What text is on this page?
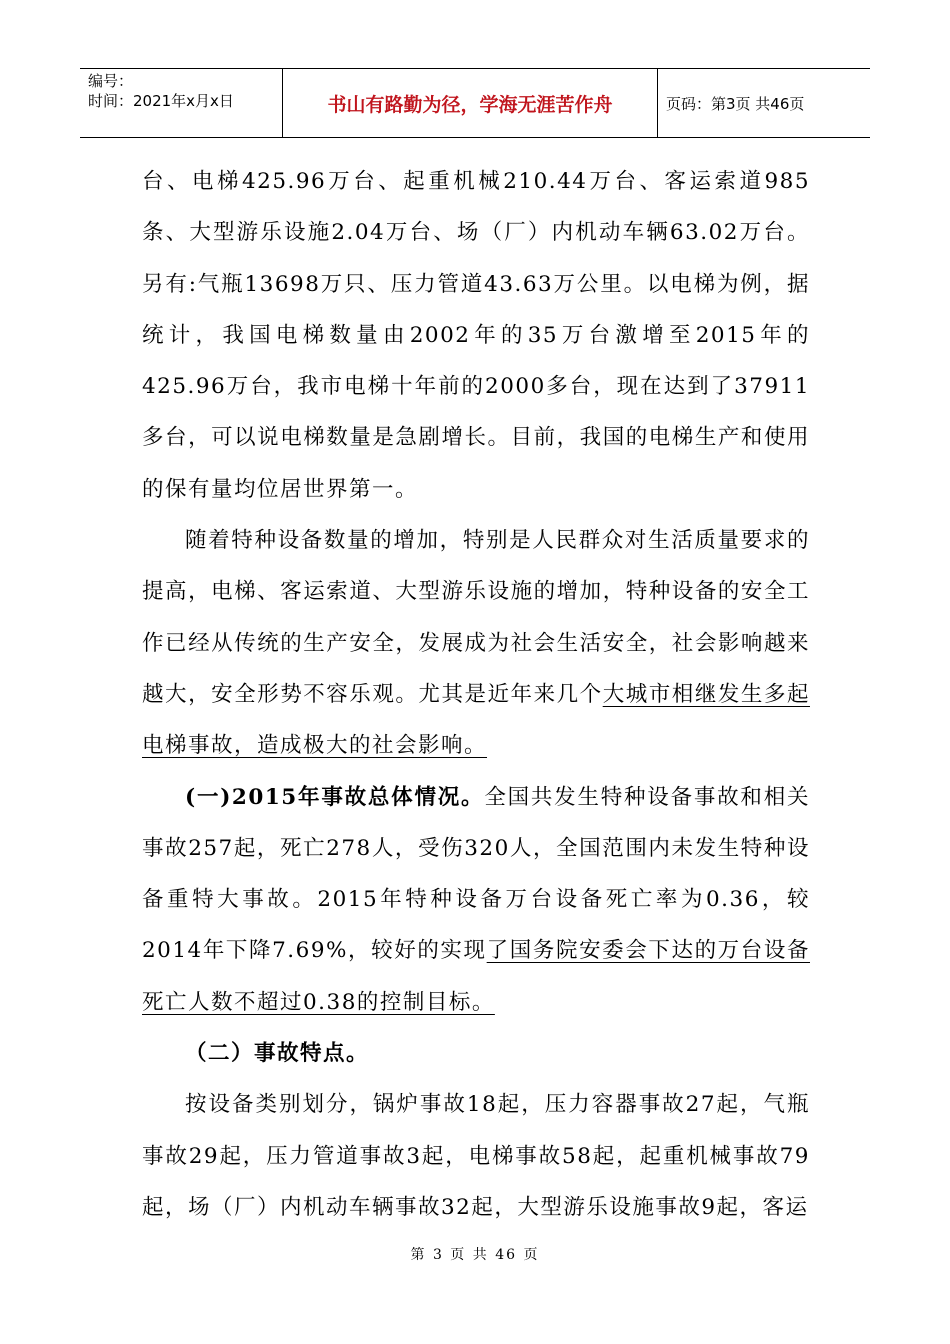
编号：
时间：2021年x月x日	书山有路勤为径，学海无涯苦作舟	页码：第3页 共46页

台、电梯425.96万台、起重机械210.44万台、客运索道985条、大型游乐设施2.04万台、场（厂）内机动车辆63.02万台。另有:气瓶13698万只、压力管道43.63万公里。以电梯为例，据统计，我国电梯数量由2002年的35万台激增至2015年的425.96万台，我市电梯十年前的2000多台，现在达到了37911多台，可以说电梯数量是急剧增长。目前，我国的电梯生产和使用的保有量均位居世界第一。

随着特种设备数量的增加，特别是人民群众对生活质量要求的提高，电梯、客运索道、大型游乐设施的增加，特种设备的安全工作已经从传统的生产安全，发展成为社会生活安全，社会影响越来越大，安全形势不容乐观。尤其是近年来几个大城市相继发生多起电梯事故，造成极大的社会影响。

(一)2015年事故总体情况。全国共发生特种设备事故和相关事故257起，死亡278人，受伤320人，全国范围内未发生特种设备重特大事故。2015年特种设备万台设备死亡率为0.36，较2014年下降7.69%，较好的实现了国务院安委会下达的万台设备死亡人数不超过0.38的控制目标。

（二）事故特点。

按设备类别划分，锅炉事故18起，压力容器事故27起，气瓶事故29起，压力管道事故3起，电梯事故58起，起重机械事故79起，场（厂）内机动车辆事故32起，大型游乐设施事故9起，客运

第 3 页 共 46 页
